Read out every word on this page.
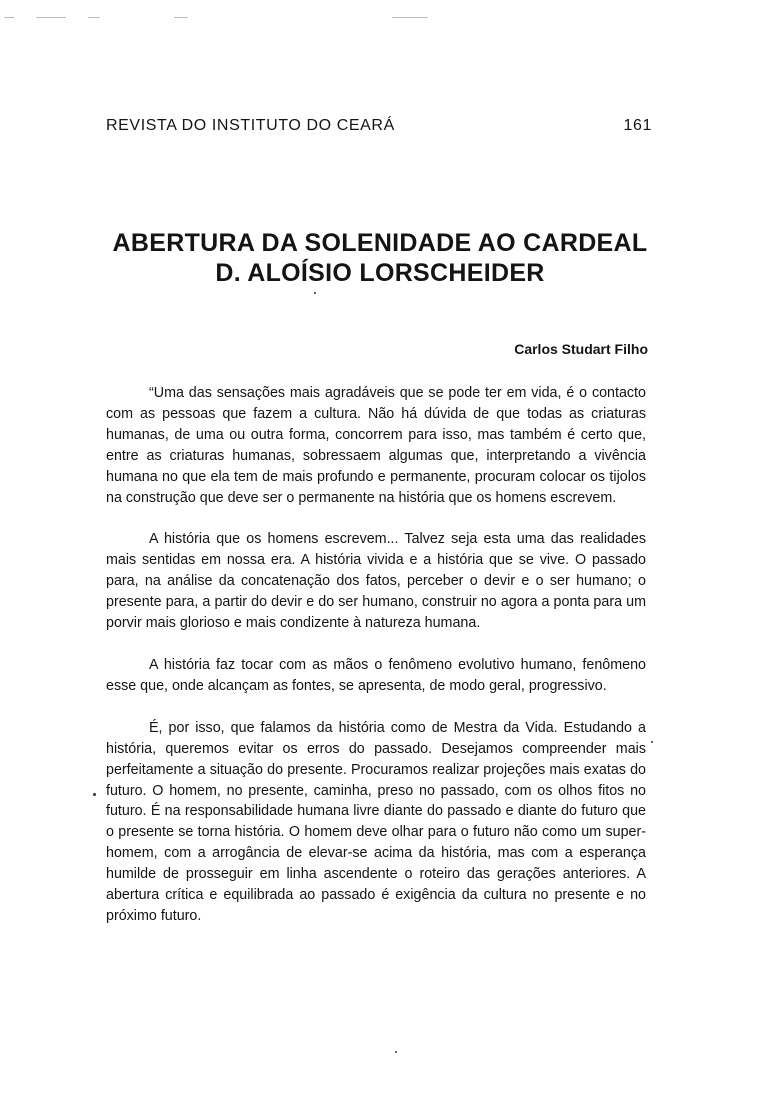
REVISTA DO INSTITUTO DO CEARÁ	161
ABERTURA DA SOLENIDADE AO CARDEAL
D. ALOÍSIO LORSCHEIDER
Carlos Studart Filho

“Uma das sensações mais agradáveis que se pode ter em vida, é o contacto com as pessoas que fazem a cultura. Não há dúvida de que todas as criaturas humanas, de uma ou outra forma, concorrem para isso, mas também é certo que, entre as criaturas humanas, sobressaem algumas que, interpretando a vivência humana no que ela tem de mais profundo e permanente, procuram colocar os tijolos na construção que deve ser o permanente na história que os homens escrevem.

A história que os homens escrevem... Talvez seja esta uma das realidades mais sentidas em nossa era. A história vivida e a história que se vive. O passado para, na análise da concatenação dos fatos, perceber o devir e o ser humano; o presente para, a partir do devir e do ser humano, construir no agora a ponta para um porvir mais glorioso e mais condizente à natureza humana.

A história faz tocar com as mãos o fenômeno evolutivo humano, fenômeno esse que, onde alcançam as fontes, se apresenta, de modo geral, progressivo.

É, por isso, que falamos da história como de Mestra da Vida. Estudando a história, queremos evitar os erros do passado. Desejamos compreender mais perfeitamente a situação do presente. Procuramos realizar projeções mais exatas do futuro. O homem, no presente, caminha, preso no passado, com os olhos fitos no futuro. É na responsabilidade humana livre diante do passado e diante do futuro que o presente se torna história. O homem deve olhar para o futuro não como um super-homem, com a arrogância de elevar-se acima da história, mas com a esperança humilde de prosseguir em linha ascendente o roteiro das gerações anteriores. A abertura crítica e equilibrada ao passado é exigência da cultura no presente e no próximo futuro.
